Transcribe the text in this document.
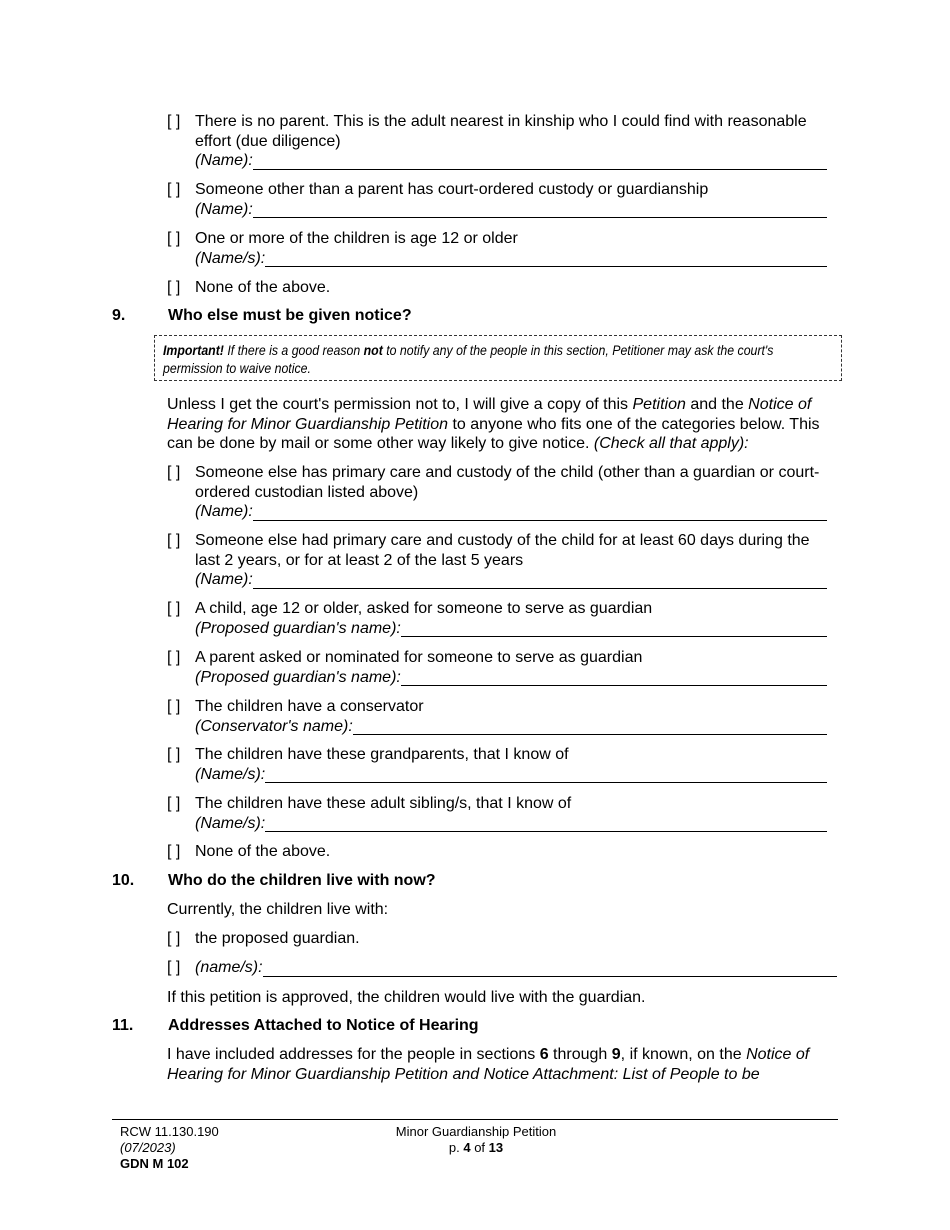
[ ] There is no parent. This is the adult nearest in kinship who I could find with reasonable effort (due diligence)
(Name):
[ ] Someone other than a parent has court-ordered custody or guardianship
(Name):
[ ] One or more of the children is age 12 or older
(Name/s):
[ ] None of the above.
9.	Who else must be given notice?
Important! If there is a good reason not to notify any of the people in this section, Petitioner may ask the court's permission to waive notice.
Unless I get the court's permission not to, I will give a copy of this Petition and the Notice of Hearing for Minor Guardianship Petition to anyone who fits one of the categories below. This can be done by mail or some other way likely to give notice. (Check all that apply):
[ ] Someone else has primary care and custody of the child (other than a guardian or court-ordered custodian listed above)
(Name):
[ ] Someone else had primary care and custody of the child for at least 60 days during the last 2 years, or for at least 2 of the last 5 years
(Name):
[ ] A child, age 12 or older, asked for someone to serve as guardian
(Proposed guardian's name):
[ ] A parent asked or nominated for someone to serve as guardian
(Proposed guardian's name):
[ ] The children have a conservator
(Conservator's name):
[ ] The children have these grandparents, that I know of
(Name/s):
[ ] The children have these adult sibling/s, that I know of
(Name/s):
[ ] None of the above.
10. Who do the children live with now?
Currently, the children live with:
[ ] the proposed guardian.
[ ] (name/s):
If this petition is approved, the children would live with the guardian.
11. Addresses Attached to Notice of Hearing
I have included addresses for the people in sections 6 through 9, if known, on the Notice of Hearing for Minor Guardianship Petition and Notice Attachment: List of People to be
RCW 11.130.190
(07/2023)
GDN M 102
Minor Guardianship Petition
p. 4 of 13
